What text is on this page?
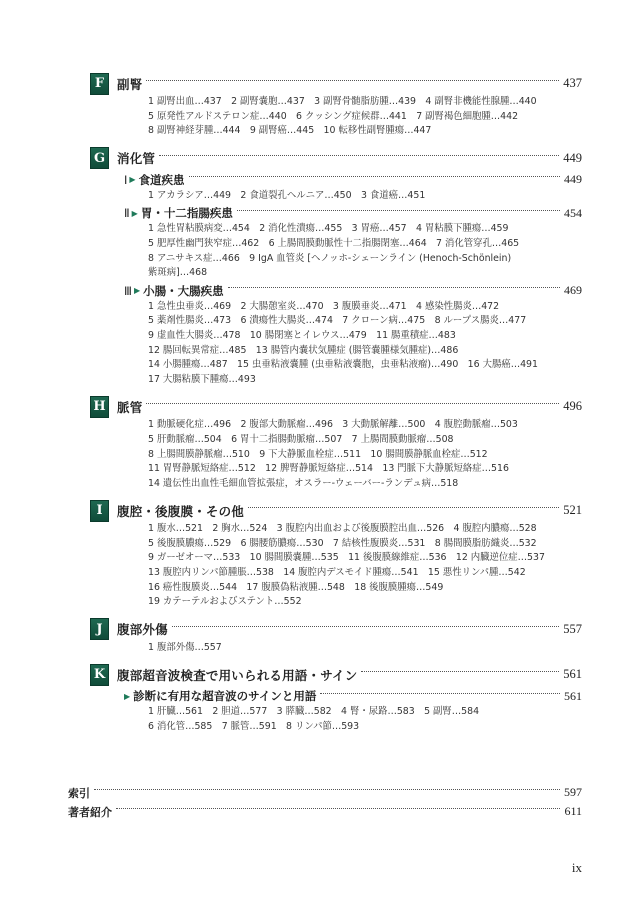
F	副腎	437
1 副腎出血…437　2 副腎嚢胞…437　3 副腎骨髄脂肪腫…439　4 副腎非機能性腺腫…440
5 原発性アルドステロン症…440　6 クッシング症候群…441　7 副腎褐色細胞腫…442
8 副腎神経芽腫…444　9 副腎癌…445　10 転移性副腎腫瘍…447
G 消化管	449
Ⅰ ▶ 食道疾患	449
1 アカラシア…449　2 食道裂孔ヘルニア…450　3 食道癌…451
Ⅱ ▶ 胃・十二指腸疾患	454
1 急性胃粘膜病変…454　2 消化性潰瘍…455　3 胃癌…457　4 胃粘膜下腫瘍…459
5 肥厚性幽門狭窄症…462　6 上腸間膜動脈性十二指腸閉塞…464　7 消化管穿孔…465
8 アニサキス症…466　9 IgA 血管炎 [ヘノッホ-シェーンライン (Henoch-Schönlein)
紫斑病]…468
Ⅲ ▶ 小腸・大腸疾患	469
1 急性虫垂炎…469　2 大腸憩室炎…470　3 腹膜垂炎…471　4 感染性腸炎…472
5 薬剤性腸炎…473　6 潰瘍性大腸炎…474　7 クローン病…475　8 ループス腸炎…477
9 虚血性大腸炎…478　10 腸閉塞とイレウス…479　11 腸重積症…483
12 腸回転異常症…485　13 腸管内嚢状気腫症 (腸管嚢腫様気腫症)…486
14 小腸腫瘍…487　15 虫垂粘液嚢腫 (虫垂粘液嚢胞，虫垂粘液瘤)…490　16 大腸癌…491
17 大腸粘膜下腫瘍…493
H 脈管	496
1 動脈硬化症…496　2 腹部大動脈瘤…496　3 大動脈解離…500　4 腹腔動脈瘤…503
5 肝動脈瘤…504　6 胃十二指腸動脈瘤…507　7 上腸間膜動脈瘤…508
8 上腸間膜静脈瘤…510　9 下大静脈血栓症…511　10 腸間膜静脈血栓症…512
11 胃腎静脈短絡症…512　12 脾腎静脈短絡症…514　13 門脈下大静脈短絡症…516
14 遺伝性出血性毛細血管拡張症，オスラー-ウェーバー-ランデュ病…518
I	腹腔・後腹膜・その他	521
1 腹水…521　2 胸水…524　3 腹腔内出血および後腹膜腔出血…526　4 腹腔内膿瘍…528
5 後腹膜膿瘍…529　6 腸腰筋膿瘍…530　7 結核性腹膜炎…531　8 腸間膜脂肪織炎…532
9 ガーゼオーマ…533　10 腸間膜嚢腫…535　11 後腹膜線維症…536　12 内臓逆位症…537
13 腹腔内リンパ節腫脹…538　14 腹腔内デスモイド腫瘍…541　15 悪性リンパ腫…542
16 癌性腹膜炎…544　17 腹膜偽粘液腫…548　18 後腹膜腫瘍…549
19 カテーテルおよびステント…552
J	腹部外傷	557
1 腹部外傷…557
K 腹部超音波検査で用いられる用語・サイン	561
▶ 診断に有用な超音波のサインと用語	561
1 肝臓…561　2 胆道…577　3 膵臓…582　4 腎・尿路…583　5 副腎…584
6 消化管…585　7 脈管…591　8 リンパ節…593
索引	597
著者紹介	611
ix
